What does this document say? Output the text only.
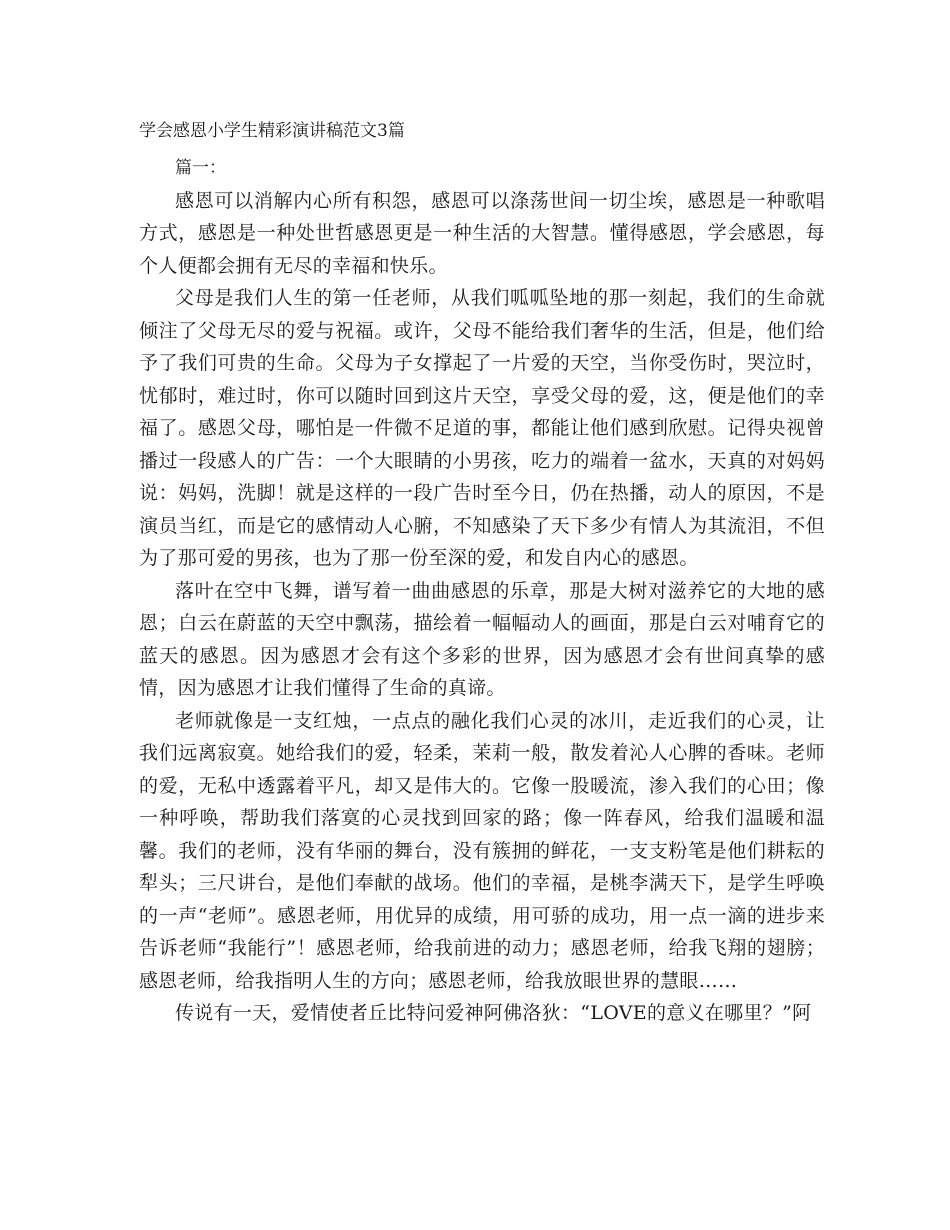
学会感恩小学生精彩演讲稿范文3篇

篇一：

感恩可以消解内心所有积怨，感恩可以涤荡世间一切尘埃，感恩是一种歌唱方式，感恩是一种处世哲感恩更是一种生活的大智慧。懂得感恩，学会感恩，每个人便都会拥有无尽的幸福和快乐。

父母是我们人生的第一任老师，从我们呱呱坠地的那一刻起，我们的生命就倾注了父母无尽的爱与祝福。或许，父母不能给我们奢华的生活，但是，他们给予了我们可贵的生命。父母为子女撑起了一片爱的天空，当你受伤时，哭泣时，忧郁时，难过时，你可以随时回到这片天空，享受父母的爱，这，便是他们的幸福了。感恩父母，哪怕是一件微不足道的事，都能让他们感到欣慰。记得央视曾播过一段感人的广告：一个大眼睛的小男孩，吃力的端着一盆水，天真的对妈妈说：妈妈，洗脚！就是这样的一段广告时至今日，仍在热播，动人的原因，不是演员当红，而是它的感情动人心腑，不知感染了天下多少有情人为其流泪，不但为了那可爱的男孩，也为了那一份至深的爱，和发自内心的感恩。

落叶在空中飞舞，谱写着一曲曲感恩的乐章，那是大树对滋养它的大地的感恩；白云在蔚蓝的天空中飘荡，描绘着一幅幅动人的画面，那是白云对哺育它的蓝天的感恩。因为感恩才会有这个多彩的世界，因为感恩才会有世间真挚的感情，因为感恩才让我们懂得了生命的真谛。

老师就像是一支红烛，一点点的融化我们心灵的冰川，走近我们的心灵，让我们远离寂寞。她给我们的爱，轻柔，茉莉一般，散发着沁人心脾的香味。老师的爱，无私中透露着平凡，却又是伟大的。它像一股暖流，渗入我们的心田；像一种呼唤，帮助我们落寞的心灵找到回家的路；像一阵春风，给我们温暖和温馨。我们的老师，没有华丽的舞台，没有簇拥的鲜花，一支支粉笔是他们耕耘的犁头；三尺讲台，是他们奉献的战场。他们的幸福，是桃李满天下，是学生呼唤的一声“老师”。感恩老师，用优异的成绩，用可骄的成功，用一点一滴的进步来告诉老师“我能行”！感恩老师，给我前进的动力；感恩老师，给我飞翔的翅膀；感恩老师，给我指明人生的方向；感恩老师，给我放眼世界的慧眼……

传说有一天，爱情使者丘比特问爱神阿佛洛狄：“LOVE的意义在哪里？”阿
